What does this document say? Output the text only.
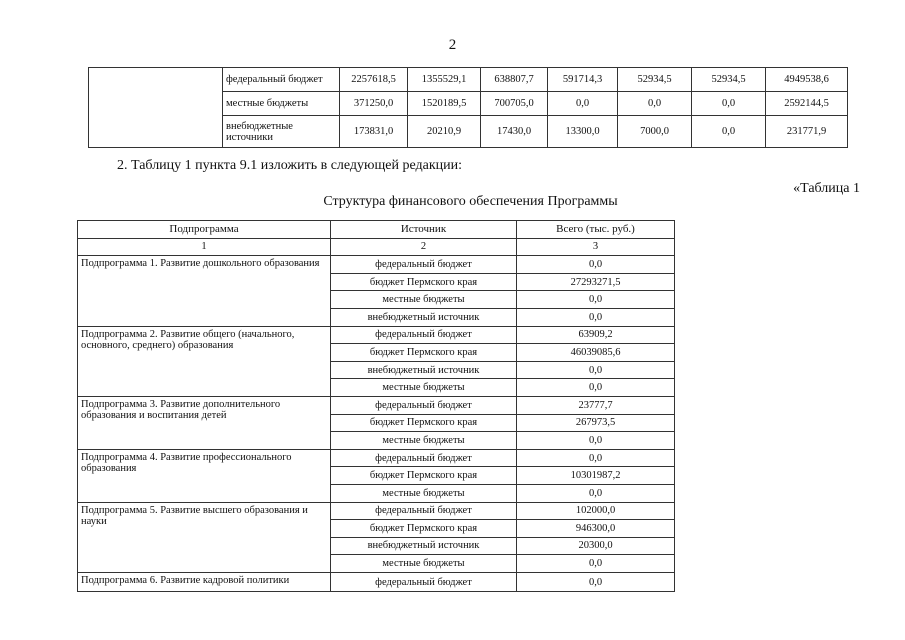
2
	федеральный бюджет	2257618,5	1355529,1	638807,7	591714,3	52934,5	52934,5	4949538,6
	местные бюджеты	371250,0	1520189,5	700705,0	0,0	0,0	0,0	2592144,5
	внебюджетные источники	173831,0	20210,9	17430,0	13300,0	7000,0	0,0	231771,9
2. Таблицу 1 пункта 9.1 изложить в следующей редакции:
«Таблица 1
Структура финансового обеспечения Программы
Подпрограмма	Источник	Всего (тыс. руб.)
1	2	3
Подпрограмма 1. Развитие дошкольного образования	федеральный бюджет	0,0
	бюджет Пермского края	27293271,5
	местные бюджеты	0,0
	внебюджетный источник	0,0
Подпрограмма 2. Развитие общего (начального, основного, среднего) образования	федеральный бюджет	63909,2
	бюджет Пермского края	46039085,6
	внебюджетный источник	0,0
	местные бюджеты	0,0
Подпрограмма 3. Развитие дополнительного образования и воспитания детей	федеральный бюджет	23777,7
	бюджет Пермского края	267973,5
	местные бюджеты	0,0
Подпрограмма 4. Развитие профессионального образования	федеральный бюджет	0,0
	бюджет Пермского края	10301987,2
	местные бюджеты	0,0
Подпрограмма 5. Развитие высшего образования и науки	федеральный бюджет	102000,0
	бюджет Пермского края	946300,0
	внебюджетный источник	20300,0
	местные бюджеты	0,0
Подпрограмма 6. Развитие кадровой политики	федеральный бюджет	0,0
